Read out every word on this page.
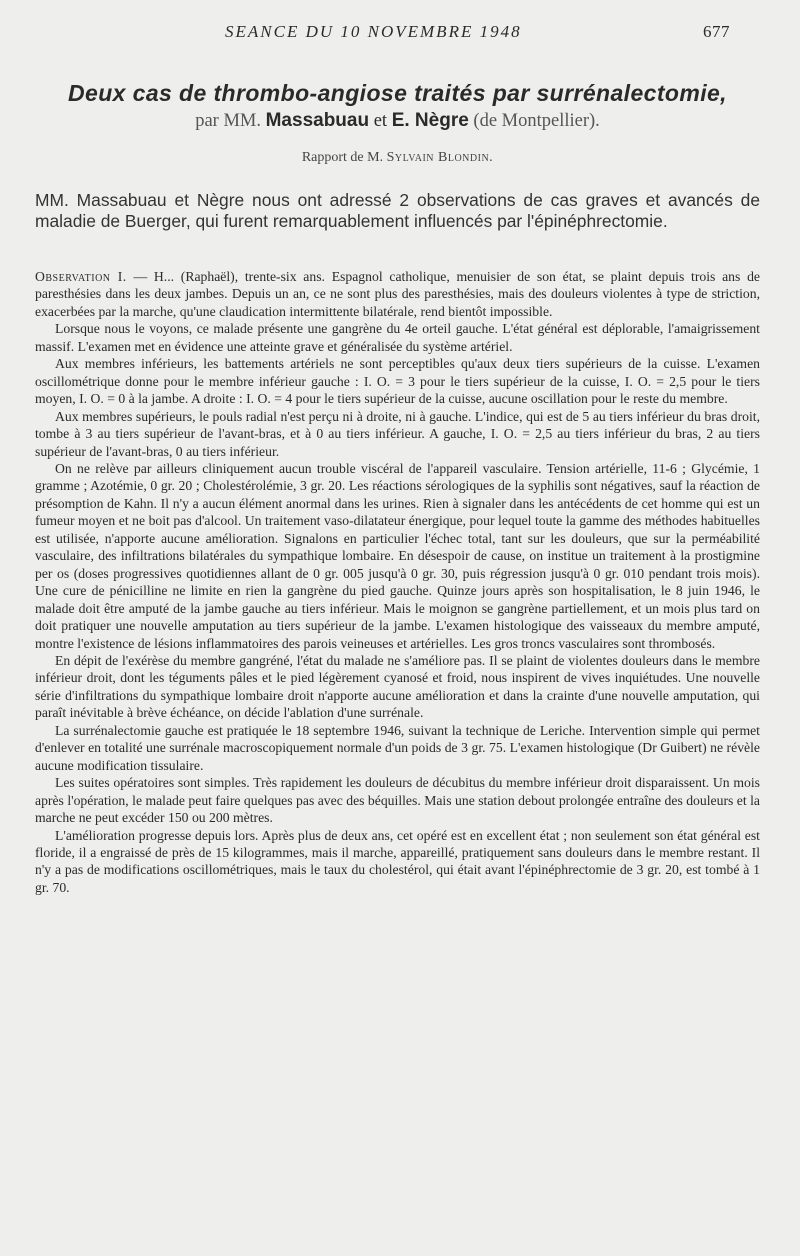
SEANCE DU 10 NOVEMBRE 1948	677
Deux cas de thrombo-angiose traités par surrénalectomie,
par MM. Massabuau et E. Nègre (de Montpellier).
Rapport de M. Sylvain Blondin.
MM. Massabuau et Nègre nous ont adressé 2 observations de cas graves et avancés de maladie de Buerger, qui furent remarquablement influencés par l'épinéphrectomie.

Observation I. — H... (Raphaël), trente-six ans. Espagnol catholique, menuisier de son état, se plaint depuis trois ans de paresthésies dans les deux jambes. Depuis un an, ce ne sont plus des paresthésies, mais des douleurs violentes à type de striction, exacerbées par la marche, qu'une claudication intermittente bilatérale, rend bientôt impossible.

Lorsque nous le voyons, ce malade présente une gangrène du 4e orteil gauche. L'état général est déplorable, l'amaigrissement massif. L'examen met en évidence une atteinte grave et généralisée du système artériel.

Aux membres inférieurs, les battements artériels ne sont perceptibles qu'aux deux tiers supérieurs de la cuisse. L'examen oscillométrique donne pour le membre inférieur gauche : I. O. = 3 pour le tiers supérieur de la cuisse, I. O. = 2,5 pour le tiers moyen, I. O. = 0 à la jambe. A droite : I. O. = 4 pour le tiers supérieur de la cuisse, aucune oscillation pour le reste du membre.

Aux membres supérieurs, le pouls radial n'est perçu ni à droite, ni à gauche. L'indice, qui est de 5 au tiers inférieur du bras droit, tombe à 3 au tiers supérieur de l'avant-bras, et à 0 au tiers inférieur. A gauche, I. O. = 2,5 au tiers inférieur du bras, 2 au tiers supérieur de l'avant-bras, 0 au tiers inférieur.

On ne relève par ailleurs cliniquement aucun trouble viscéral de l'appareil vasculaire. Tension artérielle, 11-6 ; Glycémie, 1 gramme ; Azotémie, 0 gr. 20 ; Cholestérolémie, 3 gr. 20. Les réactions sérologiques de la syphilis sont négatives, sauf la réaction de présomption de Kahn. Il n'y a aucun élément anormal dans les urines. Rien à signaler dans les antécédents de cet homme qui est un fumeur moyen et ne boit pas d'alcool. Un traitement vaso-dilatateur énergique, pour lequel toute la gamme des méthodes habituelles est utilisée, n'apporte aucune amélioration. Signalons en particulier l'échec total, tant sur les douleurs, que sur la perméabilité vasculaire, des infiltrations bilatérales du sympathique lombaire. En désespoir de cause, on institue un traitement à la prostigmine per os (doses progressives quotidiennes allant de 0 gr. 005 jusqu'à 0 gr. 30, puis régression jusqu'à 0 gr. 010 pendant trois mois). Une cure de pénicilline ne limite en rien la gangrène du pied gauche. Quinze jours après son hospitalisation, le 8 juin 1946, le malade doit être amputé de la jambe gauche au tiers inférieur. Mais le moignon se gangrène partiellement, et un mois plus tard on doit pratiquer une nouvelle amputation au tiers supérieur de la jambe. L'examen histologique des vaisseaux du membre amputé, montre l'existence de lésions inflammatoires des parois veineuses et artérielles. Les gros troncs vasculaires sont thrombosés.

En dépit de l'exérèse du membre gangréné, l'état du malade ne s'améliore pas. Il se plaint de violentes douleurs dans le membre inférieur droit, dont les téguments pâles et le pied légèrement cyanosé et froid, nous inspirent de vives inquiétudes. Une nouvelle série d'infiltrations du sympathique lombaire droit n'apporte aucune amélioration et dans la crainte d'une nouvelle amputation, qui paraît inévitable à brève échéance, on décide l'ablation d'une surrénale.

La surrénalectomie gauche est pratiquée le 18 septembre 1946, suivant la technique de Leriche. Intervention simple qui permet d'enlever en totalité une surrénale macroscopiquement normale d'un poids de 3 gr. 75. L'examen histologique (Dr Guibert) ne révèle aucune modification tissulaire.

Les suites opératoires sont simples. Très rapidement les douleurs de décubitus du membre inférieur droit disparaissent. Un mois après l'opération, le malade peut faire quelques pas avec des béquilles. Mais une station debout prolongée entraîne des douleurs et la marche ne peut excéder 150 ou 200 mètres.

L'amélioration progresse depuis lors. Après plus de deux ans, cet opéré est en excellent état ; non seulement son état général est floride, il a engraissé de près de 15 kilogrammes, mais il marche, appareillé, pratiquement sans douleurs dans le membre restant. Il n'y a pas de modifications oscillométriques, mais le taux du cholestérol, qui était avant l'épinéphrectomie de 3 gr. 20, est tombé à 1 gr. 70.
